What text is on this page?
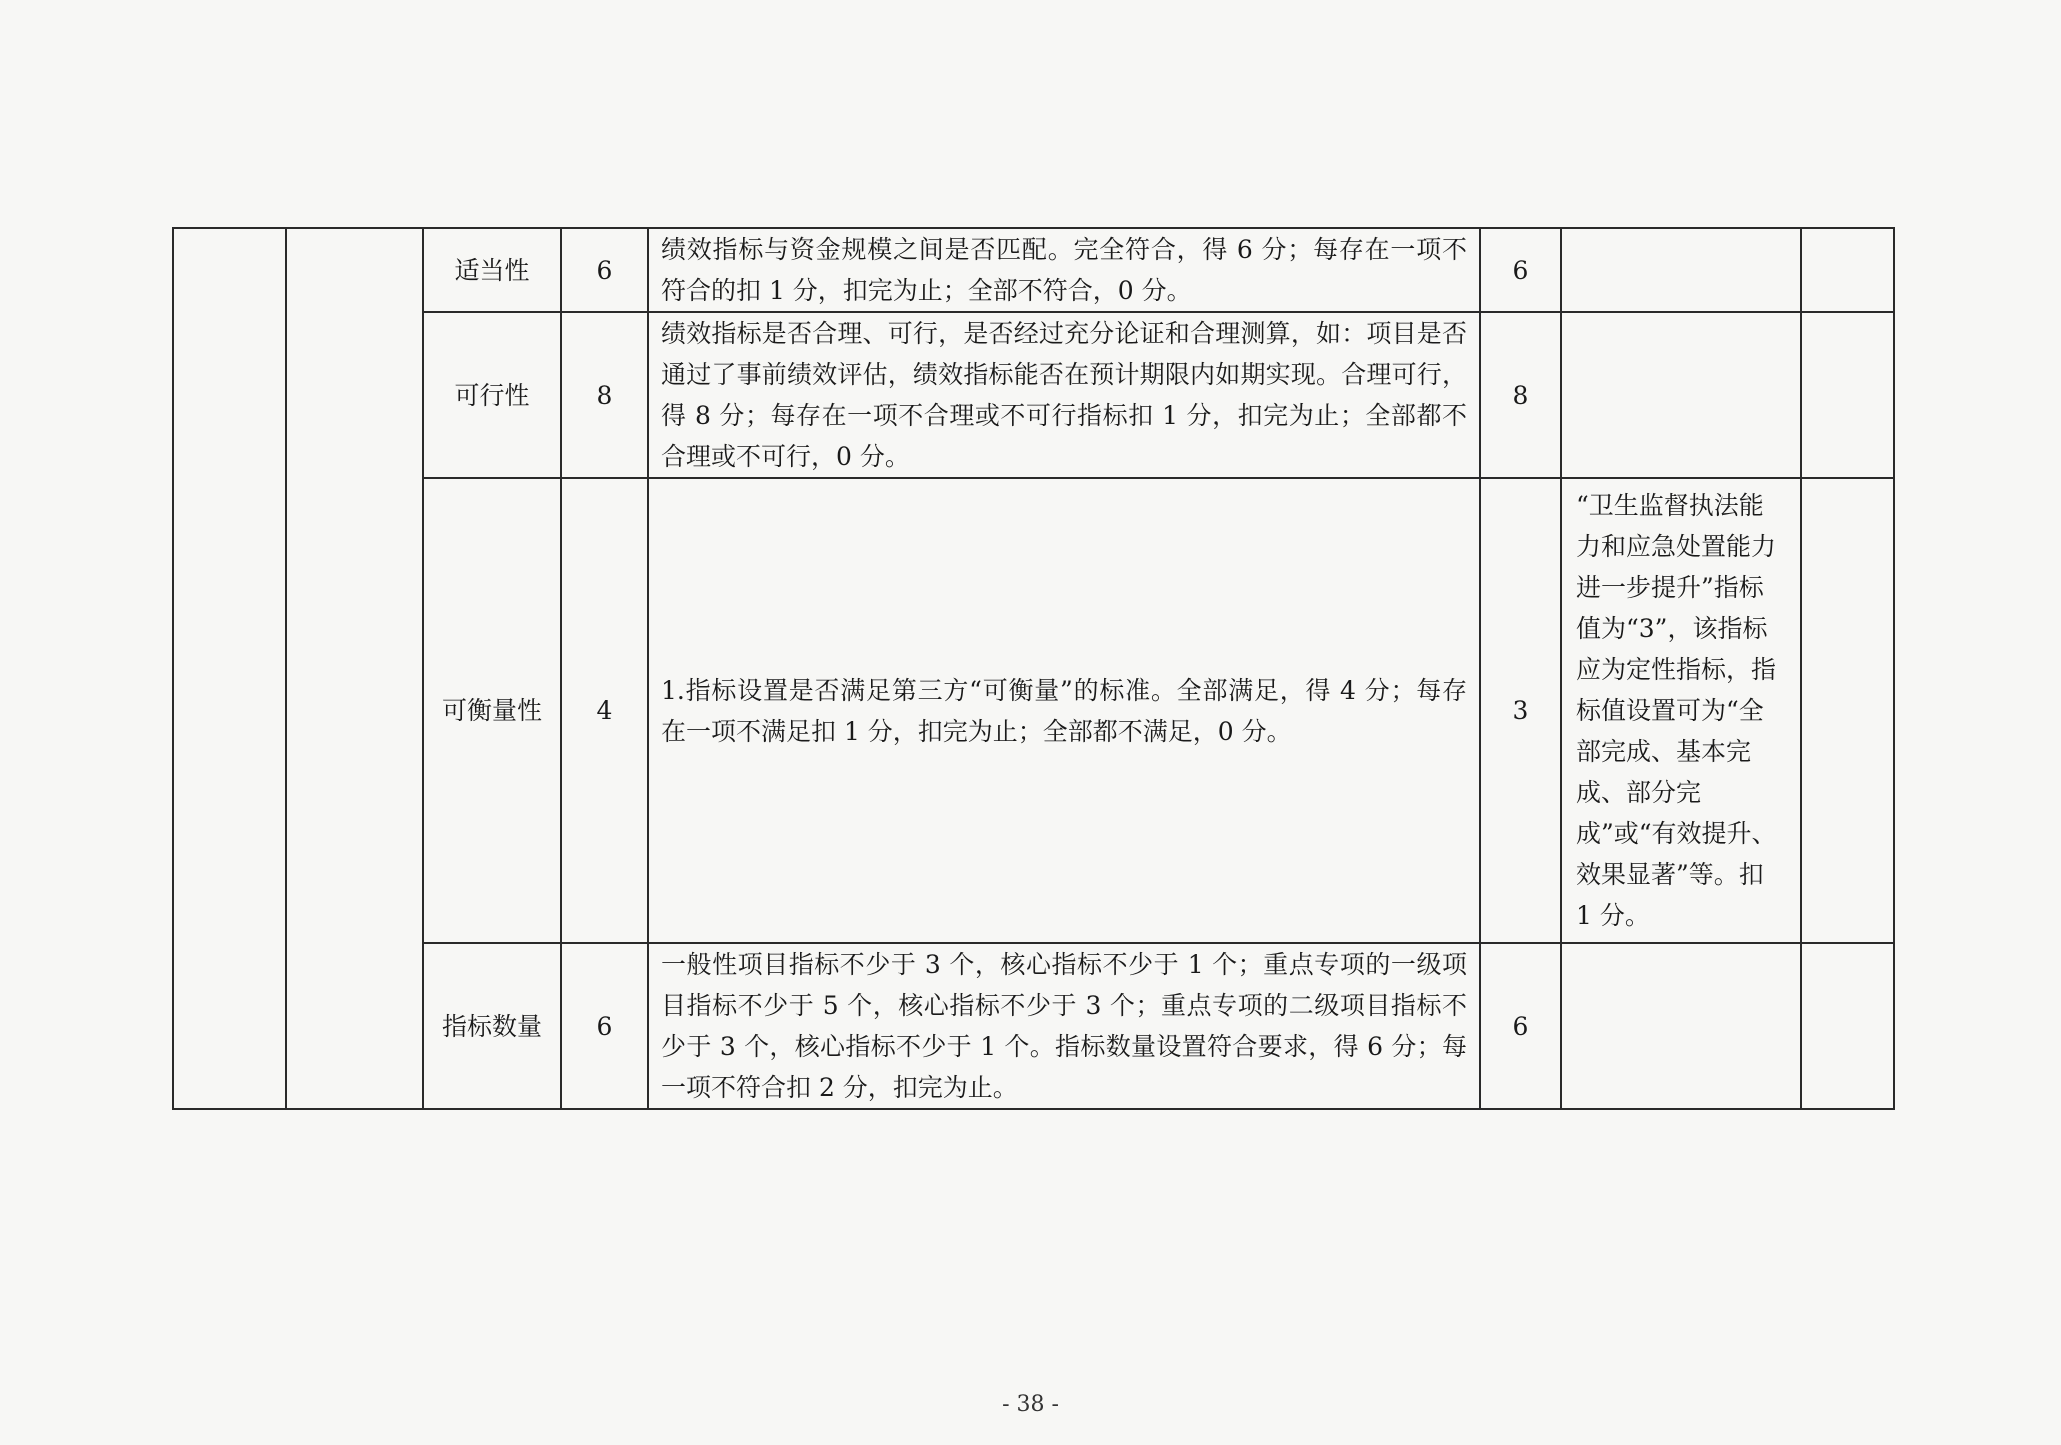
		适当性	6	绩效指标与资金规模之间是否匹配。完全符合，得 6 分；每存在一项不符合的扣 1 分，扣完为止；全部不符合，0 分。	6		
		可行性	8	绩效指标是否合理、可行，是否经过充分论证和合理测算，如：项目是否通过了事前绩效评估，绩效指标能否在预计期限内如期实现。合理可行，得 8 分；每存在一项不合理或不可行指标扣 1 分，扣完为止；全部都不合理或不可行，0 分。	8		
		可衡量性	4	1.指标设置是否满足第三方“可衡量”的标准。全部满足，得 4 分；每存在一项不满足扣 1 分，扣完为止；全部都不满足，0 分。	3	“卫生监督执法能力和应急处置能力进一步提升”指标值为“3”，该指标应为定性指标，指标值设置可为“全部完成、基本完成、部分完成”或“有效提升、效果显著”等。扣 1 分。	
		指标数量	6	一般性项目指标不少于 3 个，核心指标不少于 1 个；重点专项的一级项目指标不少于 5 个，核心指标不少于 3 个；重点专项的二级项目指标不少于 3 个，核心指标不少于 1 个。指标数量设置符合要求，得 6 分；每一项不符合扣 2 分，扣完为止。	6		
- 38 -
